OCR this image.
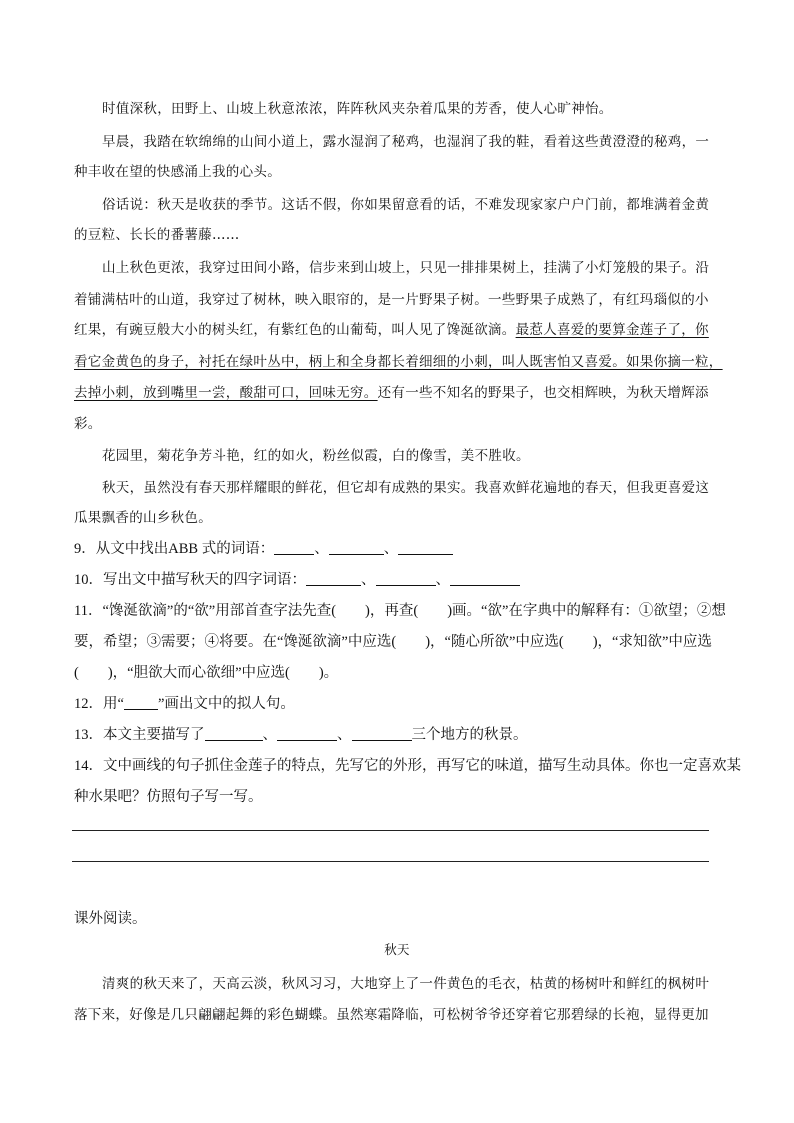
时值深秋，田野上、山坡上秋意浓浓，阵阵秋风夹杂着瓜果的芳香，使人心旷神怡。
早晨，我踏在软绵绵的山间小道上，露水湿润了秘鸡，也湿润了我的鞋，看着这些黄澄澄的秘鸡，一
种丰收在望的快感涌上我的心头。
俗话说：秋天是收获的季节。这话不假，你如果留意看的话，不难发现家家户户门前，都堆满着金黄
的豆粒、长长的番薯藤……
山上秋色更浓，我穿过田间小路，信步来到山坡上，只见一排排果树上，挂满了小灯笼般的果子。沿
着铺满枯叶的山道，我穿过了树林，映入眼帘的，是一片野果子树。一些野果子成熟了，有红玛瑙似的小
红果，有豌豆般大小的树头红，有紫红色的山葡萄，叫人见了馋涎欲滴。最惹人喜爱的要算金莲子了，你
看它金黄色的身子，衬托在绿叶丛中，柄上和全身都长着细细的小刺，叫人既害怕又喜爱。如果你摘一粒，
去掉小刺，放到嘴里一尝，酸甜可口，回味无穷。还有一些不知名的野果子，也交相辉映，为秋天增辉添
彩。
花园里，菊花争芳斗艳，红的如火，粉丝似霞，白的像雪，美不胜收。
秋天，虽然没有春天那样耀眼的鲜花，但它却有成熟的果实。我喜欢鲜花遍地的春天，但我更喜爱这
瓜果飘香的山乡秋色。
9．从文中找出ABB 式的词语：	、	、
10．写出文中描写秋天的四字词语：	、	、
11．“馋涎欲滴”的“欲”用部首查字法先查(　　)，再查(　　)画。“欲”在字典中的解释有：①欲望；②想
要，希望；③需要；④将要。在“馋涎欲滴”中应选(　　)，“随心所欲”中应选(　　)，“求知欲”中应选
(　　)，“胆欲大而心欲细”中应选(　　)。
12．用“ ”画出文中的拟人句。
13．本文主要描写了	、	、	三个地方的秋景。
14．文中画线的句子抓住金莲子的特点，先写它的外形，再写它的味道，描写生动具体。你也一定喜欢某
种水果吧？仿照句子写一写。
课外阅读。
秋天
清爽的秋天来了，天高云淡，秋风习习，大地穿上了一件黄色的毛衣，枯黄的杨树叶和鲜红的枫树叶
落下来，好像是几只翩翩起舞的彩色蝴蝶。虽然寒霜降临，可松树爷爷还穿着它那碧绿的长袍，显得更加
